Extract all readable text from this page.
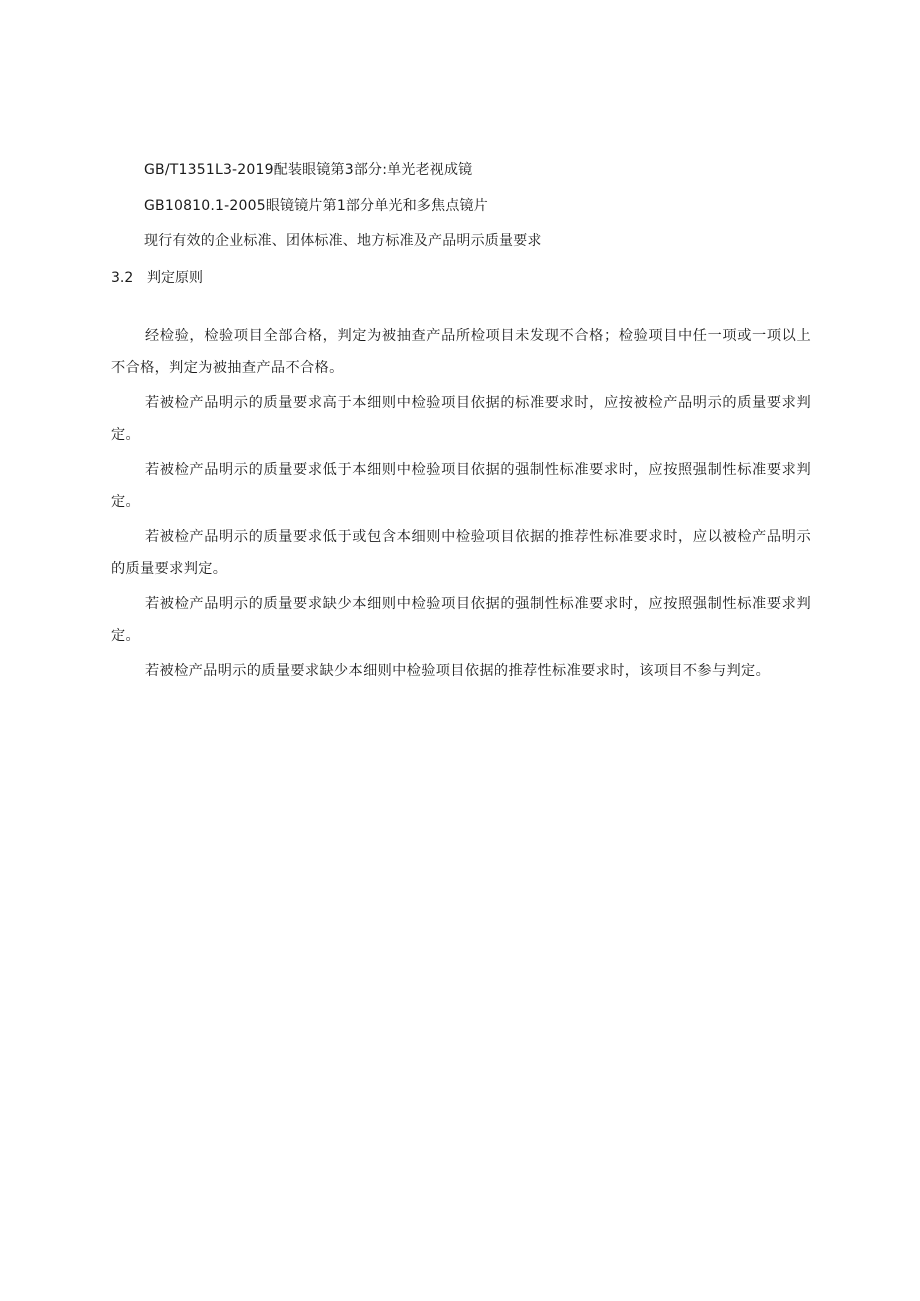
GB/T1351L3-2019配装眼镜第3部分:单光老视成镜
GB10810.1-2005眼镜镜片第1部分单光和多焦点镜片
现行有效的企业标准、团体标准、地方标准及产品明示质量要求
3.2 判定原则

经检验，检验项目全部合格，判定为被抽查产品所检项目未发现不合格；检验项目中任一项或一项以上不合格，判定为被抽查产品不合格。

若被检产品明示的质量要求高于本细则中检验项目依据的标准要求时，应按被检产品明示的质量要求判定。

若被检产品明示的质量要求低于本细则中检验项目依据的强制性标准要求时，应按照强制性标准要求判定。

若被检产品明示的质量要求低于或包含本细则中检验项目依据的推荐性标准要求时，应以被检产品明示的质量要求判定。

若被检产品明示的质量要求缺少本细则中检验项目依据的强制性标准要求时，应按照强制性标准要求判定。

若被检产品明示的质量要求缺少本细则中检验项目依据的推荐性标准要求时，该项目不参与判定。
